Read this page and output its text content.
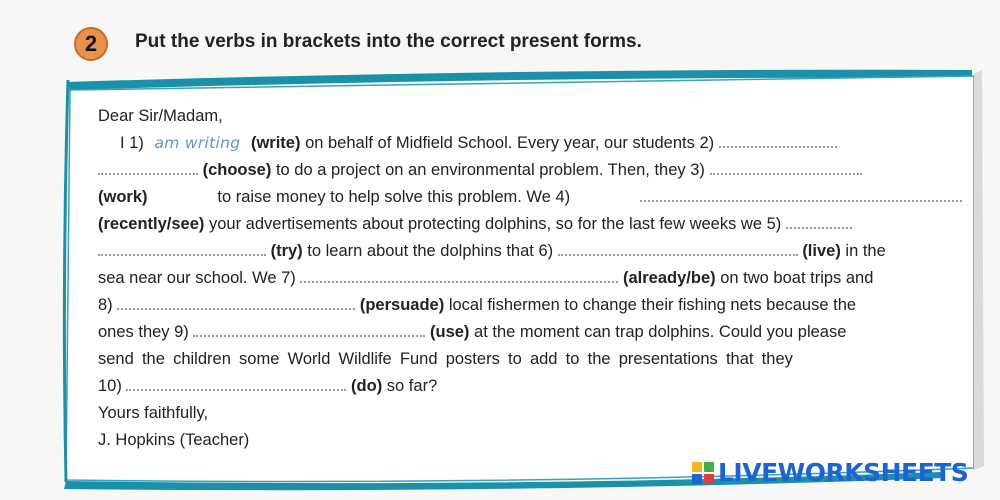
2 Put the verbs in brackets into the correct present forms.
Dear Sir/Madam,
I 1) am writing (write) on behalf of Midfield School. Every year, our students 2)
(choose) to do a project on an environmental problem. Then, they 3)
(work)	to raise money to help solve this problem. We 4)
(recently/see) your advertisements about protecting dolphins, so for the last few weeks we 5)
(try) to learn about the dolphins that 6)	(live) in the
sea near our school. We 7)	(already/be) on two boat trips and
8)	(persuade) local fishermen to change their fishing nets because the
ones they 9)	(use) at the moment can trap dolphins. Could you please
send the children some World Wildlife Fund posters to add to the presentations that they
10)	(do) so far?
Yours faithfully,
J. Hopkins (Teacher)
LIVEWORKSHEETS
